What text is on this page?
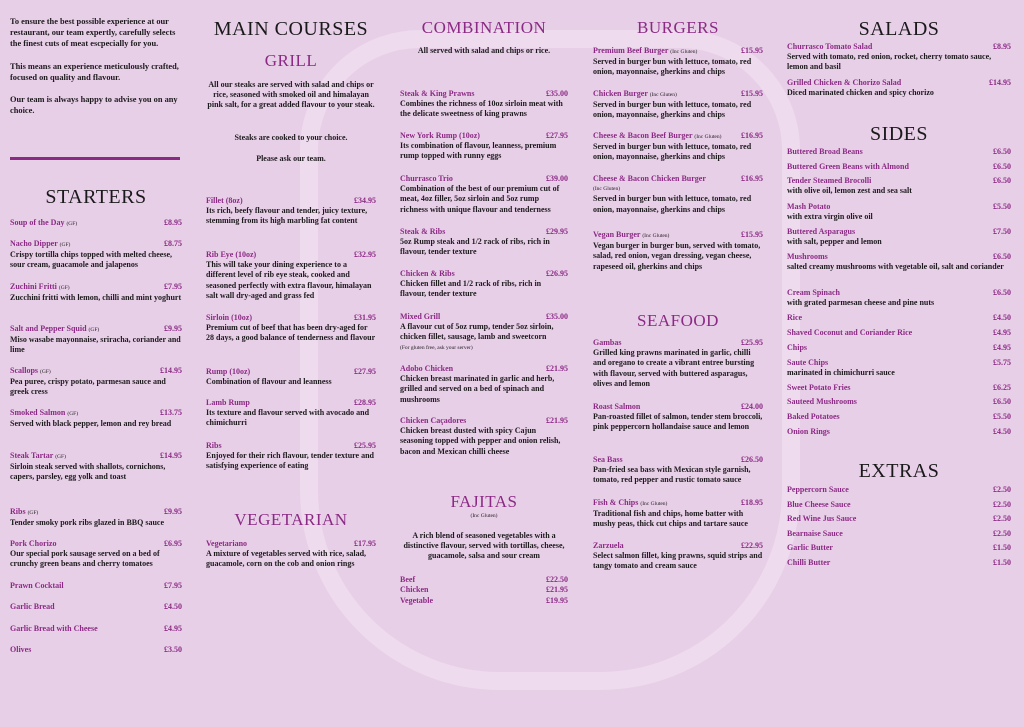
To ensure the best possible experience at our restaurant, our team expertly, carefully selects the finest cuts of meat escpecially for you.

This means an experience meticulously crafted, focused on quality and flavour.

Our team is always happy to advise you on any choice.

STARTERS
Soup of the Day (GF)	£8.95
Nacho Dipper (GF)	£8.75
Crispy tortilla chips topped with melted cheese, sour cream, guacamole and jalapenos
Zuchini Fritti (GF)	£7.95
Zucchini fritti with lemon, chilli and mint yoghurt
Salt and Pepper Squid (GF)	£9.95
Miso wasabe mayonnaise, sriracha, coriander and lime
Scallops (GF)	£14.95
Pea puree, crispy potato, parmesan sauce and greek cress
Smoked Salmon (GF)	£13.75
Served with black pepper, lemon and rey bread
Steak Tartar (GF)	£14.95
Sirloin steak served with shallots, cornichons, capers, parsley, egg yolk and toast
Ribs (GF)	£9.95
Tender smoky pork ribs glazed in BBQ sauce
Pork Chorizo	£6.95
Our special pork sausage served on a bed of crunchy green beans and cherry tomatoes
Prawn Cocktail	£7.95
Garlic Bread	£4.50
Garlic Bread with Cheese	£4.95
Olives	£3.50
MAIN COURSES
GRILL
All our steaks are served with salad and chips or rice, seasoned with smoked oil and himalayan pink salt, for a great added flavour to your steak.
Steaks are cooked to your choice.
Please ask our team.
Fillet (8oz)	£34.95
Its rich, beefy flavour and tender, juicy texture, stemming from its high marbling fat content
Rib Eye (10oz)	£32.95
This will take your dining experience to a different level of rib eye steak, cooked and seasoned perfectly with extra flavour, himalayan salt wall dry-aged and grass fed
Sirloin (10oz)	£31.95
Premium cut of beef that has been dry-aged for 28 days, a good balance of tenderness and flavour
Rump (10oz)	£27.95
Combination of flavour and leanness
Lamb Rump	£28.95
Its texture and flavour served with avocado and chimichurri
Ribs	£25.95
Enjoyed for their rich flavour, tender texture and satisfying experience of eating
VEGETARIAN
Vegetariano	£17.95
A mixture of vegetables served with rice, salad, guacamole, corn on the cob and onion rings
COMBINATION
All served with salad and chips or rice.
Steak & King Prawns	£35.00
Combines the richness of 10oz sirloin meat with the delicate sweetness of king prawns
New York Rump (10oz)	£27.95
Its combination of flavour, leanness, premium rump topped with runny eggs
Churrasco Trio	£39.00
Combination of the best of our premium cut of meat, 4oz filler, 5oz sirloin and 5oz rump richness with unique flavour and tenderness
Steak & Ribs	£29.95
5oz Rump steak and 1/2 rack of ribs, rich in flavour, tender texture
Chicken & Ribs	£26.95
Chicken fillet and 1/2 rack of ribs, rich in flavour, tender texture
Mixed Grill	£35.00
A flavour cut of 5oz rump, tender 5oz sirloin, chicken fillet, sausage, lamb and sweetcorn
(For gluten free, ask your server)
Adobo Chicken	£21.95
Chicken breast marinated in garlic and herb, grilled and served on a bed of spinach and mushrooms
Chicken Caçadores	£21.95
Chicken breast dusted with spicy Cajun seasoning topped with pepper and onion relish, bacon and Mexican chilli cheese
FAJITAS
(Inc Gluten)
A rich blend of seasoned vegetables with a distinctive flavour, served with tortillas, cheese, guacamole, salsa and sour cream
Beef	£22.50
Chicken	£21.95
Vegetable	£19.95
BURGERS
Premium Beef Burger (Inc Gluten)	£15.95
Served in burger bun with lettuce, tomato, red onion, mayonnaise, gherkins and chips
Chicken Burger (Inc Gluten)	£15.95
Served in burger bun with lettuce, tomato, red onion, mayonnaise, gherkins and chips
Cheese & Bacon Beef Burger (Inc Gluten) £16.95
Served in burger bun with lettuce, tomato, red onion, mayonnaise, gherkins and chips
Cheese & Bacon Chicken Burger	£16.95
(Inc Gluten)
Served in burger bun with lettuce, tomato, red onion, mayonnaise, gherkins and chips
Vegan Burger (Inc Gluten)	£15.95
Vegan burger in burger bun, served with tomato, salad, red onion, vegan dressing, vegan cheese, rapeseed oil, gherkins and chips
SEAFOOD
Gambas	£25.95
Grilled king prawns marinated in garlic, chilli and oregano to create a vibrant entree bursting with flavour, served with buttered asparagus, olives and lemon
Roast Salmon	£24.00
Pan-roasted fillet of salmon, tender stem broccoli, pink peppercorn hollandaise sauce and lemon
Sea Bass	£26.50
Pan-fried sea bass with Mexican style garnish, tomato, red pepper and rustic tomato sauce
Fish & Chips (Inc Gluten)	£18.95
Traditional fish and chips, home batter with mushy peas, thick cut chips and tartare sauce
Zarzuela	£22.95
Select salmon fillet, king prawns, squid strips and tangy tomato and cream sauce
SALADS
Churrasco Tomato Salad	£8.95
Served with tomato, red onion, rocket, cherry tomato sauce, lemon and basil
Grilled Chicken & Chorizo Salad	£14.95
Diced marinated chicken and spicy chorizo
SIDES
Buttered Broad Beans	£6.50
Buttered Green Beans with Almond	£6.50
Tender Steamed Brocolli	£6.50
with olive oil, lemon zest and sea salt
Mash Potato	£5.50
with extra virgin olive oil
Buttered Asparagus	£7.50
with salt, pepper and lemon
Mushrooms	£6.50
salted creamy mushrooms with vegetable oil, salt and coriander
Cream Spinach	£6.50
with grated parmesan cheese and pine nuts
Rice	£4.50
Shaved Coconut and Coriander Rice	£4.95
Chips	£4.95
Saute Chips	£5.75
marinated in chimichurri sauce
Sweet Potato Fries	£6.25
Sauteed Mushrooms	£6.50
Baked Potatoes	£5.50
Onion Rings	£4.50
EXTRAS
Peppercorn Sauce	£2.50
Blue Cheese Sauce	£2.50
Red Wine Jus Sauce	£2.50
Bearnaise Sauce	£2.50
Garlic Butter	£1.50
Chilli Butter	£1.50
